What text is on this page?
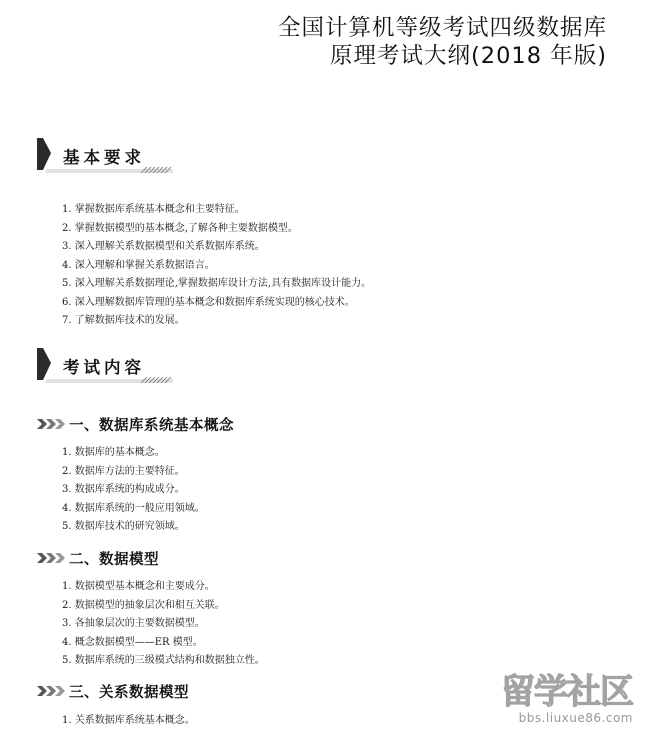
全国计算机等级考试四级数据库
原理考试大纲(2018 年版)
基本要求
1. 掌握数据库系统基本概念和主要特征。
2. 掌握数据模型的基本概念,了解各种主要数据模型。
3. 深入理解关系数据模型和关系数据库系统。
4. 深入理解和掌握关系数据语言。
5. 深入理解关系数据理论,掌握数据库设计方法,具有数据库设计能力。
6. 深入理解数据库管理的基本概念和数据库系统实现的核心技术。
7. 了解数据库技术的发展。
考试内容
一、数据库系统基本概念
1. 数据库的基本概念。
2. 数据库方法的主要特征。
3. 数据库系统的构成成分。
4. 数据库系统的一般应用领域。
5. 数据库技术的研究领域。
二、数据模型
1. 数据模型基本概念和主要成分。
2. 数据模型的抽象层次和相互关联。
3. 各抽象层次的主要数据模型。
4. 概念数据模型——ER 模型。
5. 数据库系统的三级模式结构和数据独立性。
三、关系数据模型
1. 关系数据库系统基本概念。
留学社区
bbs.liuxue86.com
